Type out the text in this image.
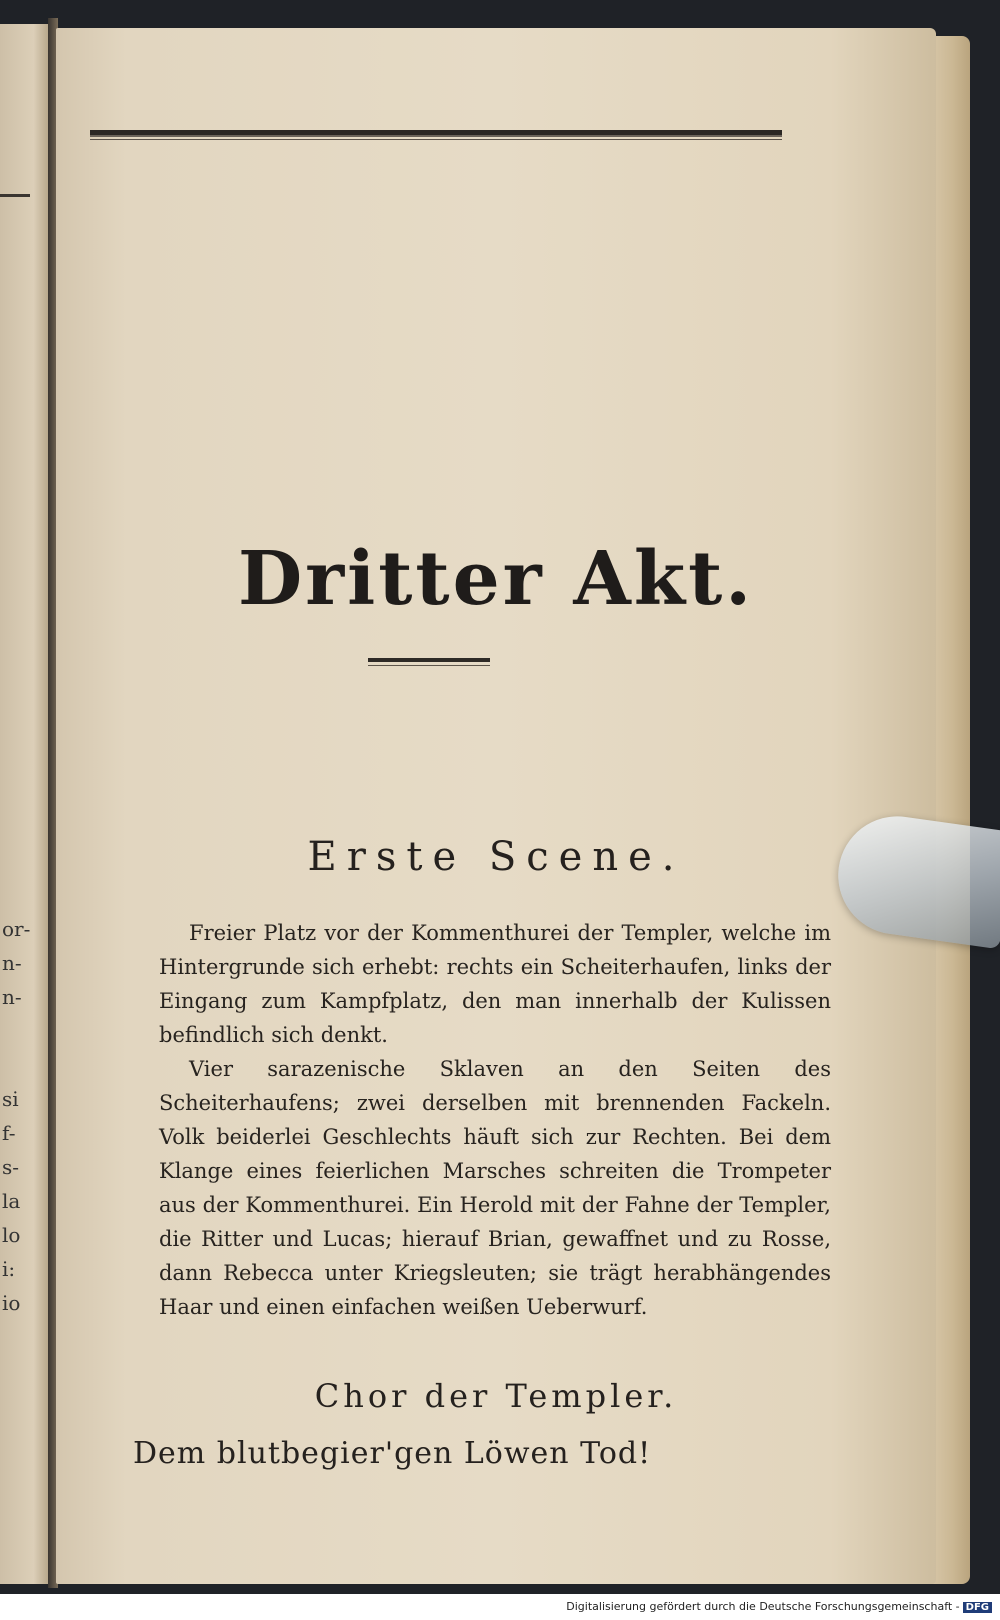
or-
n-
n-
si
f-
s-
la
lo
i:
io
Dritter Akt.
Erste Scene.

Freier Platz vor der Kommenthurei der Templer, welche im Hintergrunde sich erhebt: rechts ein Scheiterhaufen, links der Eingang zum Kampfplatz, den man innerhalb der Kulissen befindlich sich denkt.

Vier sarazenische Sklaven an den Seiten des Scheiterhaufens; zwei derselben mit brennenden Fackeln. Volk beiderlei Geschlechts häuft sich zur Rechten. Bei dem Klange eines feierlichen Marsches schreiten die Trompeter aus der Kommenthurei. Ein Herold mit der Fahne der Templer, die Ritter und Lucas; hierauf Brian, gewaffnet und zu Rosse, dann Rebecca unter Kriegsleuten; sie trägt herabhängendes Haar und einen einfachen weißen Ueberwurf.

Chor der Templer.
Dem blutbegier'gen Löwen Tod!
Digitalisierung gefördert durch die Deutsche Forschungsgemeinschaft - DFG
